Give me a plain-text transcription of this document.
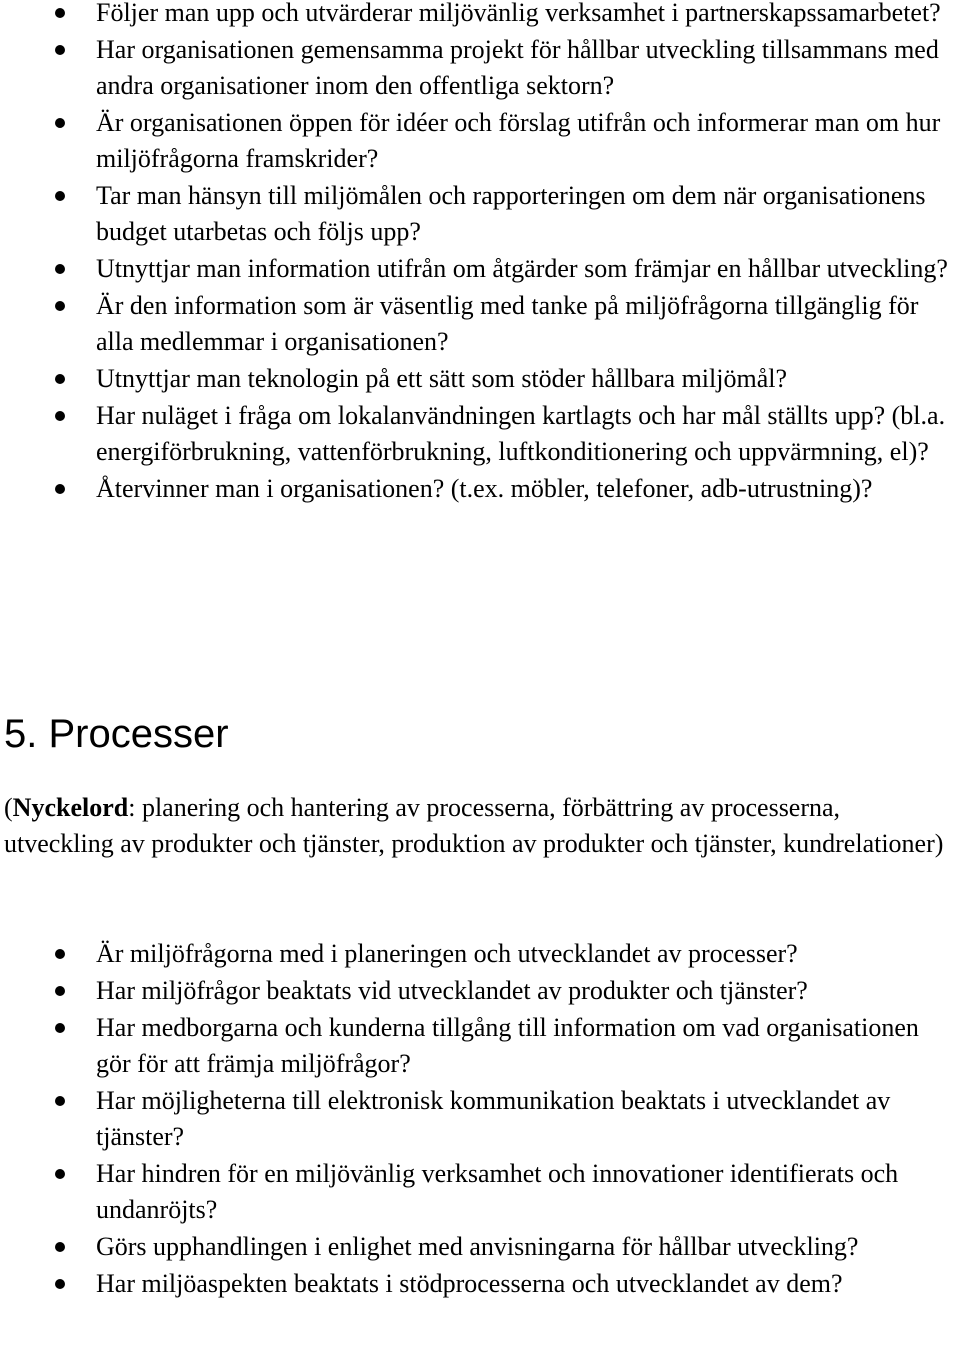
Följer man upp och utvärderar miljövänlig verksamhet i partnerskapssamarbetet?
Har organisationen gemensamma projekt för hållbar utveckling tillsammans med andra organisationer inom den offentliga sektorn?
Är organisationen öppen för idéer och förslag utifrån och informerar man om hur miljöfrågorna framskrider?
Tar man hänsyn till miljömålen och rapporteringen om dem när organisationens budget utarbetas och följs upp?
Utnyttjar man information utifrån om åtgärder som främjar en hållbar utveckling?
Är den information som är väsentlig med tanke på miljöfrågorna tillgänglig för alla medlemmar i organisationen?
Utnyttjar man teknologin på ett sätt som stöder hållbara miljömål?
Har nuläget i fråga om lokalanvändningen kartlagts och har mål ställts upp? (bl.a. energiförbrukning, vattenförbrukning, luftkonditionering och uppvärmning, el)?
Återvinner man i organisationen? (t.ex. möbler, telefoner, adb-utrustning)?
5. Processer

(Nyckelord: planering och hantering av processerna, förbättring av processerna, utveckling av produkter och tjänster, produktion av produkter och tjänster, kundrelationer)

Är miljöfrågorna med i planeringen och utvecklandet av processer?
Har miljöfrågor beaktats vid utvecklandet av produkter och tjänster?
Har medborgarna och kunderna tillgång till information om vad organisationen gör för att främja miljöfrågor?
Har möjligheterna till elektronisk kommunikation beaktats i utvecklandet av tjänster?
Har hindren för en miljövänlig verksamhet och innovationer identifierats och undanröjts?
Görs upphandlingen i enlighet med anvisningarna för hållbar utveckling?
Har miljöaspekten beaktats i stödprocesserna och utvecklandet av dem?
